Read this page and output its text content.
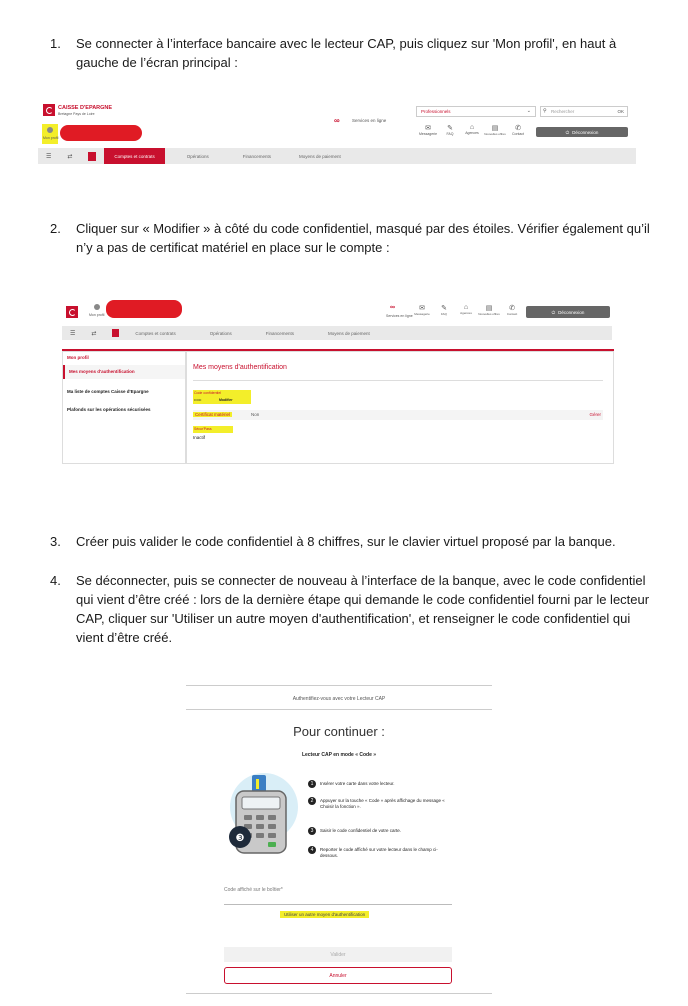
1.	Se connecter à l’interface bancaire avec le lecteur CAP, puis cliquez sur 'Mon profil', en haut à gauche de l’écran principal :
CAISSE D'EPARGNE
Bretagne Pays de Loire
Mon profil
∞	Services en ligne
Professionnels	⌄ ⚲ Rechercher	OK
✉
Messagerie
✎
FAQ
⌂
Agences
▤
Nouvelles offres
✆
Contact	⏻ Déconnexion
☰	⇄	Comptes et contrats	Opérations	Financements	Moyens de paiement
2.	Cliquer sur « Modifier » à côté du code confidentiel, masqué par des étoiles. Vérifier également qu’il n’y a pas de certificat matériel en place sur le compte :
Mon profil
∞
Services en ligne
✉
Messagerie
✎
FAQ
⌂
Agences
▤
Nouvelles offres
✆
Contact	⏻ Déconnexion
☰	⇄	Comptes et contrats	Opérations	Financements	Moyens de paiement
Mon profil
Mes moyens d'authentification
Ma liste de comptes Caisse d'Epargne
Plafonds sur les opérations sécurisées
Mes moyens d'authentification
Code confidentiel
••••••	Modifier
Certificat matériel	Non	Gérer
Sécur'Pass
Inactif
3.	Créer puis valider le code confidentiel à 8 chiffres, sur le clavier virtuel proposé par la banque.
4.	Se déconnecter, puis se connecter de nouveau à l’interface de la banque, avec le code confidentiel qui vient d’être créé : lors de la dernière étape qui demande le code confidentiel fourni par le lecteur CAP, cliquer sur 'Utiliser un autre moyen d'authentification', et renseigner le code confidentiel qui vient d’être créé.
Authentifiez-vous avec votre Lecteur CAP
Pour continuer :
Lecteur CAP en mode « Code »
❸
1	Insérer votre carte dans votre lecteur.
2	Appuyer sur la touche « Code » après affichage du message « Choisir la fonction ».
3	Saisir le code confidentiel de votre carte.
4	Reporter le code affiché sur votre lecteur dans le champ ci-dessous.
Code affiché sur le boîtier*
Utiliser un autre moyen d'authentification
Valider
Annuler
